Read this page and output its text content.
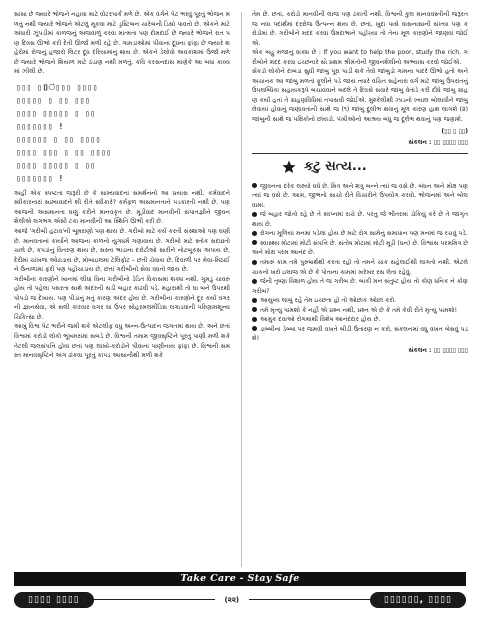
સાંસા છે જ્યારે ભોજને નહાવા માટે વોટરપાર્ક મળે છે. એક વર્ગને પેટ ભરવું પૂરતું ભોજન મળતું નથી જ્યારે ભોજને એટલું મૂકવા માટે ડ્રસ્ટિબન ચારેબની ડિસો પાવતો છે. એકને માટે અંધારી ઝૂંપડીમાં કાળજનું અજવાળું કરવા માત્મતા પણ દોમદાઈ છે જ્યારે ભોજને રાત પણ દિવસ ઊભો કરી દેતી ઊર્જા મળી રહે છે. ગામડાંઓમાં પીવાના દૂધના ફાંફા છે જ્યારે શહેરોમાં રોજનું હજારો લિટર દૂધ દરિયામાંનું થાય છે. એકને ડેલોવો અવકાશમાં ઉર્જા મળે છે જ્યારે ભોજને શિયાળ માટે ઠંડાણ નથી મળતું. કવિ કરસનદાસ માણેકે આ બધા કાવ્યમાં ઝીલી છે.

▯▯▯ ▯▯ં▯▯▯ ▯▯▯▯
▯▯▯▯▯ ▯ ▯▯ ▯▯▯
▯▯▯▯ ▯▯▯▯▯ ▯ ▯▯
▯▯▯▯▯▯▯ !
▯▯▯▯▯▯ ▯ ▯▯ ▯▯▯▯
▯▯▯▯ ▯▯▯ ▯ ▯▯ ▯▯▯▯
▯▯▯▯ ▯▯▯▯▯ ▯ ▯▯
▯▯▯▯▯▯▯ !

અહીં એક સ્પષ્ટતા જરૂરી છે કે સામ્યવાદના સમર્થનનો આ પ્રયાસ નથી. કર્મવાદને સ્વીકારનારાં સામ્યવાદને શી રીતે સ્વીકારે? કર્મફળ અસમાનતાને પડકારતી નથી છે. પણ આજની અસમાનતા ઘણું કરીને માનવકૃત છે. મૂડીવાદ માનવીની સંપાતજ્ઞીને જીવનશૈલીએ લગભગ એંસી ટકા માનવીની આ સ્થિતિ ઊભી કરી છે.

આજે 'ગરીબી હટાવ'ની બૂમરાણો પણ થાય છે. ગરીબો માટે કર્ય કરતી સંસ્થાઓ પણ ઘણી છે. માનવતાનાં કાર્યોને આજના કાળનો યુગધર્મ ગણાવાય છે. ગરીબો માટે સ્તોક સદાવ્રતો ચાલે છે, કપડાંનું વિતરણ થાય છે, સસ્તા ભાડાના દરોટીઓ સારીને નોટબૂકસ અપાય છે, દેરીમાં ચાંખળા ઓઢાડાય છે, મોબાઇલમાં ટેલિફોટ – છતી ચેવાય છે, દિવાળી પર મેવા-મિઠાઈ ને ઉનાળામાં ફરી પણ પહોંચાડાય છે, છતાં ગરીબીનો સેવા વધતો જાય છે.

ગરીબીનાં કારણોને ખાનમાં લીધાં વિના ગરીબીનો ડેડિત વિકાસમાં શક્ય નથી. ગુમડું ચાવરું હોય તો પહેલા પસરતા સાથે અંદરની સડી બહાર કાઢવી પડે. મહારાથી તો ઘા બને ઉપરથી પોપડો જ દેખાય. પણ પીડાનું મતું કારણ અંદર હોય છે. ગરીબીનાં કારણોને દૂર કર્યા વગરની જ્ઞાનસેવા, એ સલી કારવાર વગર ઘા ઉપર સોહરમલમીડિસ લગાડવાની પરિણામશૂન્ય ચિકિત્સા છે.

આખું વિશ્વ પેટ ભરીને જમી શકે એટલીફ વધુ અન્ન-ઉત્પાદન જગતમાં થાય છે. અને છતાં વિશ્વમાં કરોડો લોકો ભૂખમરામાં સબડે છે. વિશ્વની તમામ જીવસૃષ્ટિને પૂરતું પાણી મળી શકે તેટલી જલસંપત્તિ હોવા છતાં પણ લાખો-કરોડોને પીવાના પાણીનાય ફાંફા છે. વિશ્વની સમસ્ત માનવસૃષ્ટિને અંગ ઢાંકવા પૂરતું કાપડ આસાનીથી મળી શકે

તેમ છે. છતાં, કરોડો માનવીની લાજ પણ ઢંકાતી નથી. વિશ્વની કુલ માનવવસ્તીની જરૂરત જ નવા પદાર્થમાં દરરોજ ઉત્પન્ન થાય છે. છતાં, ખુદા પાસે વાસનાસાની સંખ્યા પણ કરોડોમાં છે. ગરીબોને મદદ કરવા ઉમદાભાને પહોંચ્યા તો તેના મૂળ કારણોને જાણવાં જોઈએ.

એક બહુ મજાનું વાક્ય છે : If you want to help the poor, study the rich. ગરીબોને મદદ કરવા ઇચ્છનારે સૌ પ્રથમ શ્રીમંતોની જીવનશૈલીનો અભ્યાસ કરવો જોઈએ.

સેંકડો લોકોને દાબડા સુધી જાંબુ પૂરા પાડી શકે તેવો જાંબુડો ગામના પાદરે ઊભો હતો અને અચાનક આ જાંબુ મળતાં ફૂલીને પડે જાય ત્યારે વંચિત સહેનારા વર્ગ માટે જાંબુ ઉપરાંતનું ઉપલબ્ધિકા સહાયકરૂપે બચાવવાને બદલે તે દિવસે સવારે જાંબુ વેતાંડે કરી દીધે જાંબુ ગ્રાહણ કર્યા હતાં તે ગ્રાહણવિધિમાં તપાસવી જોઈએ. મુશ્કેલીથી ઝાડનો ખ્યાલ બોલાવીને જાંબુ લેવાયાં હોવાનું જણાવતાની સાથે જ (૧) જાંબુ દૂલીભ થવાનું મૂળ કારણ હાથ લાગશે (૨) જાંબુની સાથે જ પક્ષિકોનો છાંયડો, પંખીઓનો આશ્રય બધું જ દૂર્લભ થવાનું પણ જણાશે.

(▯▯ ▯ ▯▯)
સંકલન : ▯▯ ▯▯▯▯ ▯▯▯
કટુ સત્ય...

જીવનના દરેક લક્ષ્યો વધે છે. મિત્ર અને શત્રુ બન્ને ત્યાં જ વસે છે. બંધન અને મોક્ષ પણ ત્યાં જ વસે છે. આમ, જીભનો સાચો રીતે વિચારીને ઉપયોગ કરવો, ભોજનમાં અને બોલવામાં.

જે બહાર જોતો રહે છે તે સ્વપ્નમાં રાચે છે. પરંતુ જે ભીતરમાં ડોકિયું કરે છે તે જાગૃત થાય છે.

રોગના મૂળિયાં મનમાં પડેલાં હોય છે માટે રોગ સામેનું સમાધાન પણ મનમાં જ રચવું પડે.

સ્વાસ્થ્ય મોટામાં મોટી સંપત્તિ છે. સંતોષ મોટામાં મોટી મૂડી (ધન) છે. વિશ્વાસ પરમમિત્ર છે અને મોક્ષ પરમ આનંદ છે.

તમારું કામ તમે પુરુષાર્થથી કરતા રહો તો તમને ચાક સહેલાઈથી લાગતો નથી. એટલે ચાકનો ખરો ઇલાજ એ છે કે પોતાના કામમાં ખરેખર રસ લેતા રહેવું.

જેની તૃષ્ણા વિશાળ હોય તે જ ગરીબ છે. બાકી મન સંતુષ્ટ હોય તો કોણ ધનિક ને કોણ ગરીબ?

આયુષ્ય લાંબું રહે તેમ ઇચ્છતા હો તો ઓછાંક ઓછાં કરો.

તમે મૃત્યુ પામશો કે નહીં એ પ્રશ્ન નથી, પ્રશ્ન એ છે કે તમે કેવી રીતે મૃત્યુ પામશો!

આમુક દવાઓ રોગમાંથી વિશેષ આનંદદાર હોય છે.

ડાબ્બીના ડેબ્બા પર જમવી વખતે બીડી ઉતારણ ન કરો, સંકલનમાં વધુ વખત બેસવું પડશે!

સંકલન : ▯▯ ▯▯▯▯ ▯▯▯
Take Care - Stay Safe
▯▯▯▯ ▯▯▯▯	(૨૨)	▯▯▯▯▯▯, ▯▯▯▯
